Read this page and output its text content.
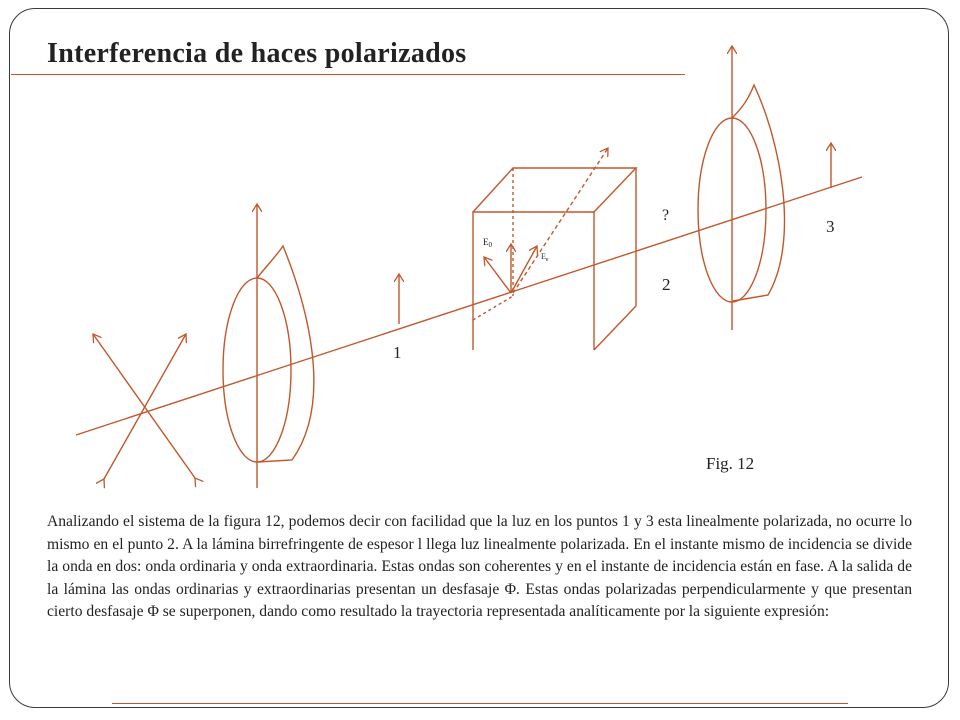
Interferencia de haces polarizados
1
2
3
?
$E_0$
$E_e$
Fig. 12

Analizando el sistema de la figura 12, podemos decir con facilidad que la luz en los puntos 1 y 3 esta linealmente polarizada, no ocurre lo mismo en el punto 2. A la lámina birrefringente de espesor l llega luz linealmente polarizada. En el instante mismo de incidencia se divide la onda en dos: onda ordinaria y onda extraordinaria. Estas ondas son coherentes y en el instante de incidencia están en fase. A la salida de la lámina las ondas ordinarias y extraordinarias presentan un desfasaje Φ. Estas ondas polarizadas perpendicularmente y que presentan cierto desfasaje Φ se superponen, dando como resultado la trayectoria representada analíticamente por la siguiente expresión:
